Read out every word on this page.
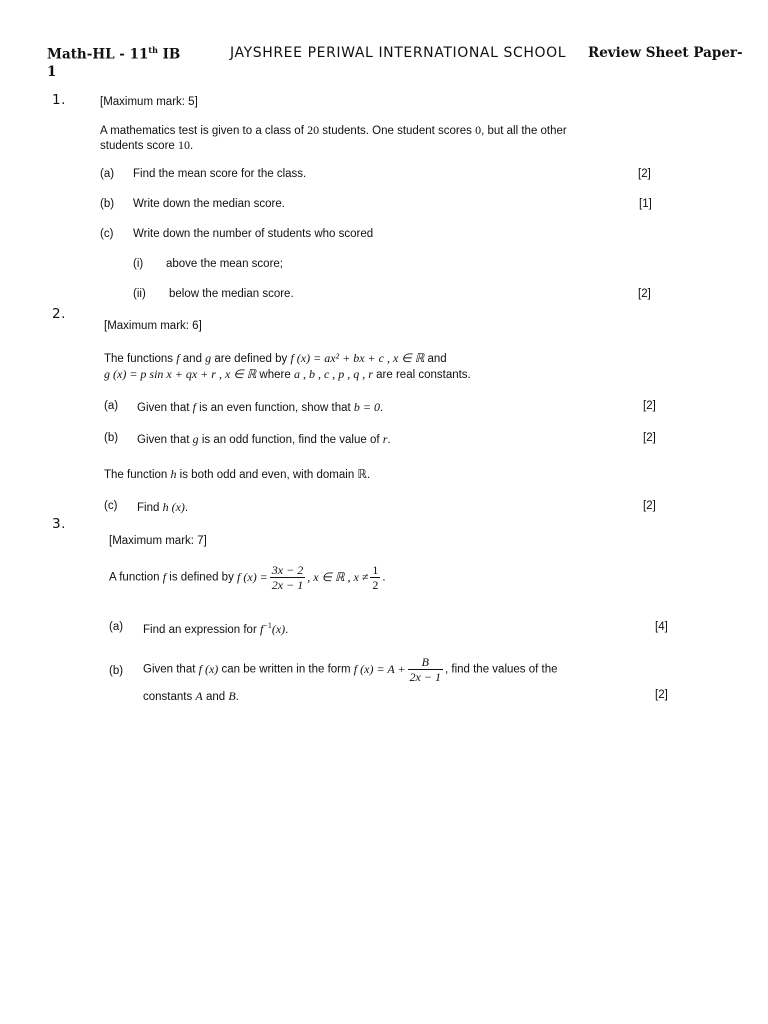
Math-HL - 11th IB	JAYSHREE PERIWAL INTERNATIONAL SCHOOL Review Sheet Paper-
1
1.	[Maximum mark: 5]
A mathematics test is given to a class of 20 students. One student scores 0, but all the other
students score 10.
(a) Find the mean score for the class.	[2]
(b) Write down the median score.	[1]
(c) Write down the number of students who scored
(i) above the mean score;
(ii) below the median score.	[2]
2.
[Maximum mark: 6]
The functions f and g are defined by f (x) = ax² + bx + c , x ∈ ℝ and
g (x) = p sin x + qx + r , x ∈ ℝ where a , b , c , p , q , r are real constants.
(a) Given that f is an even function, show that b = 0.	[2]
(b) Given that g is an odd function, find the value of r.	[2]
The function h is both odd and even, with domain ℝ.
(c) Find h (x).	[2]
3.
[Maximum mark: 7]
A function f is defined by f $(x) = \frac{3x - 2}{2x - 1}$ , x ∈ ℝ , $x \ne \frac{1}{2}$ .
(a) Find an expression for $f^{-1}(x)$.	[4]
(b) Given that f (x) can be written in the form f $(x) = A + \frac{B}{2x - 1}$ , find the values of the
constants A and B.	[2]
